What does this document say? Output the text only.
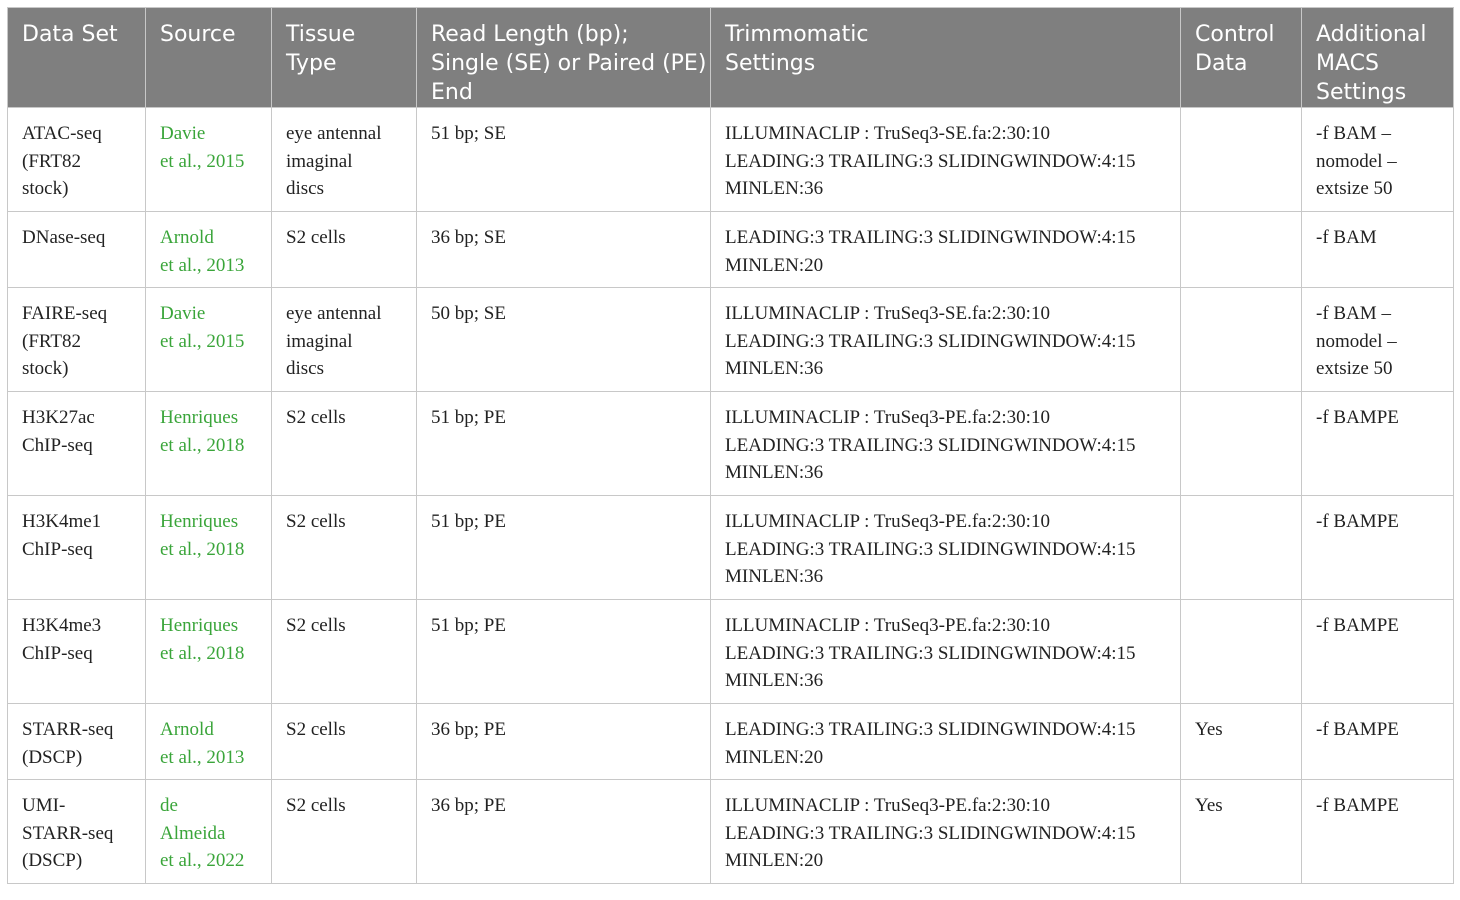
Data Set	Source	Tissue
Type	Read Length (bp);
Single (SE) or Paired (PE)
End	Trimmomatic
Settings	Control
Data	Additional
MACS
Settings

ATAC-seq
(FRT82
stock)	Davie
et al., 2015	eye antennal
imaginal
discs	51 bp; SE	ILLUMINACLIP : TruSeq3-SE.fa:2:30:10
LEADING:3 TRAILING:3 SLIDINGWINDOW:4:15
MINLEN:36		-f BAM –
nomodel –
extsize 50

DNase-seq	Arnold
et al., 2013	S2 cells	36 bp; SE	LEADING:3 TRAILING:3 SLIDINGWINDOW:4:15
MINLEN:20		-f BAM

FAIRE-seq
(FRT82
stock)	Davie
et al., 2015	eye antennal
imaginal
discs	50 bp; SE	ILLUMINACLIP : TruSeq3-SE.fa:2:30:10
LEADING:3 TRAILING:3 SLIDINGWINDOW:4:15
MINLEN:36		-f BAM –
nomodel –
extsize 50

H3K27ac
ChIP-seq	Henriques
et al., 2018	S2 cells	51 bp; PE	ILLUMINACLIP : TruSeq3-PE.fa:2:30:10
LEADING:3 TRAILING:3 SLIDINGWINDOW:4:15
MINLEN:36		-f BAMPE

H3K4me1
ChIP-seq	Henriques
et al., 2018	S2 cells	51 bp; PE	ILLUMINACLIP : TruSeq3-PE.fa:2:30:10
LEADING:3 TRAILING:3 SLIDINGWINDOW:4:15
MINLEN:36		-f BAMPE

H3K4me3
ChIP-seq	Henriques
et al., 2018	S2 cells	51 bp; PE	ILLUMINACLIP : TruSeq3-PE.fa:2:30:10
LEADING:3 TRAILING:3 SLIDINGWINDOW:4:15
MINLEN:36		-f BAMPE

STARR-seq
(DSCP)	Arnold
et al., 2013	S2 cells	36 bp; PE	LEADING:3 TRAILING:3 SLIDINGWINDOW:4:15
MINLEN:20	Yes	-f BAMPE

UMI-
STARR-seq
(DSCP)	de
Almeida
et al., 2022	S2 cells	36 bp; PE	ILLUMINACLIP : TruSeq3-PE.fa:2:30:10
LEADING:3 TRAILING:3 SLIDINGWINDOW:4:15
MINLEN:20	Yes	-f BAMPE
